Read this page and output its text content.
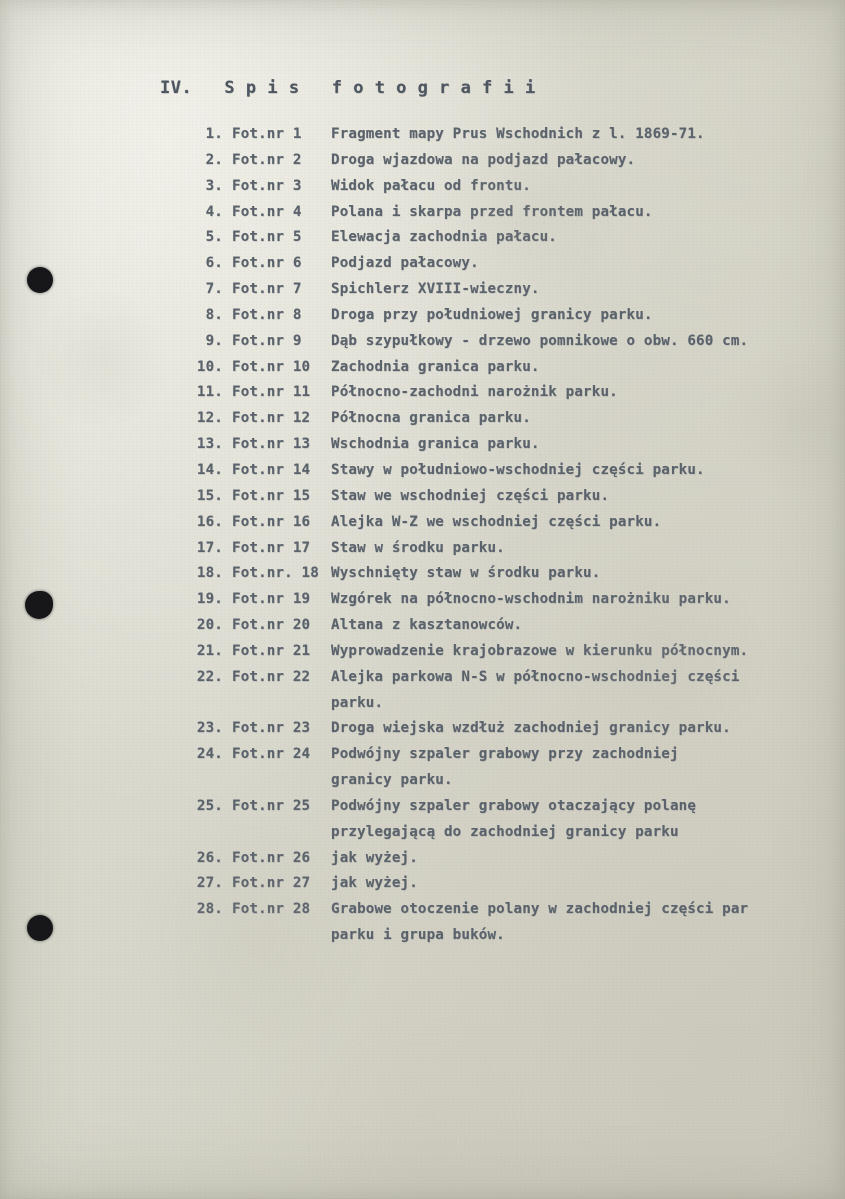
IV.   S p i s   f o t o g r a f i i
1. Fot.nr 1 Fragment mapy Prus Wschodnich z l. 1869-71.
2. Fot.nr 2 Droga wjazdowa na podjazd pałacowy.
3. Fot.nr 3 Widok pałacu od frontu.
4. Fot.nr 4 Polana i skarpa przed frontem pałacu.
5. Fot.nr 5 Elewacja zachodnia pałacu.
6. Fot.nr 6 Podjazd pałacowy.
7. Fot.nr 7 Spichlerz XVIII-wieczny.
8. Fot.nr 8 Droga przy południowej granicy parku.
9. Fot.nr 9 Dąb szypułkowy - drzewo pomnikowe o obw. 660 cm.
10. Fot.nr 10 Zachodnia granica parku.
11. Fot.nr 11 Północno-zachodni narożnik parku.
12. Fot.nr 12 Północna granica parku.
13. Fot.nr 13 Wschodnia granica parku.
14. Fot.nr 14 Stawy w południowo-wschodniej części parku.
15. Fot.nr 15 Staw we wschodniej części parku.
16. Fot.nr 16 Alejka W-Z we wschodniej części parku.
17. Fot.nr 17 Staw w środku parku.
18. Fot.nr. 18 Wyschnięty staw w środku parku.
19. Fot.nr 19 Wzgórek na północno-wschodnim narożniku parku.
20. Fot.nr 20 Altana z kasztanowców.
21. Fot.nr 21 Wyprowadzenie krajobrazowe w kierunku północnym.
22. Fot.nr 22 Alejka parkowa N-S w północno-wschodniej części
parku.
23. Fot.nr 23 Droga wiejska wzdłuż zachodniej granicy parku.
24. Fot.nr 24 Podwójny szpaler grabowy przy zachodniej
granicy parku.
25. Fot.nr 25 Podwójny szpaler grabowy otaczający polanę
przylegającą do zachodniej granicy parku
26. Fot.nr 26 jak wyżej.
27. Fot.nr 27 jak wyżej.
28. Fot.nr 28 Grabowe otoczenie polany w zachodniej części par
parku i grupa buków.
